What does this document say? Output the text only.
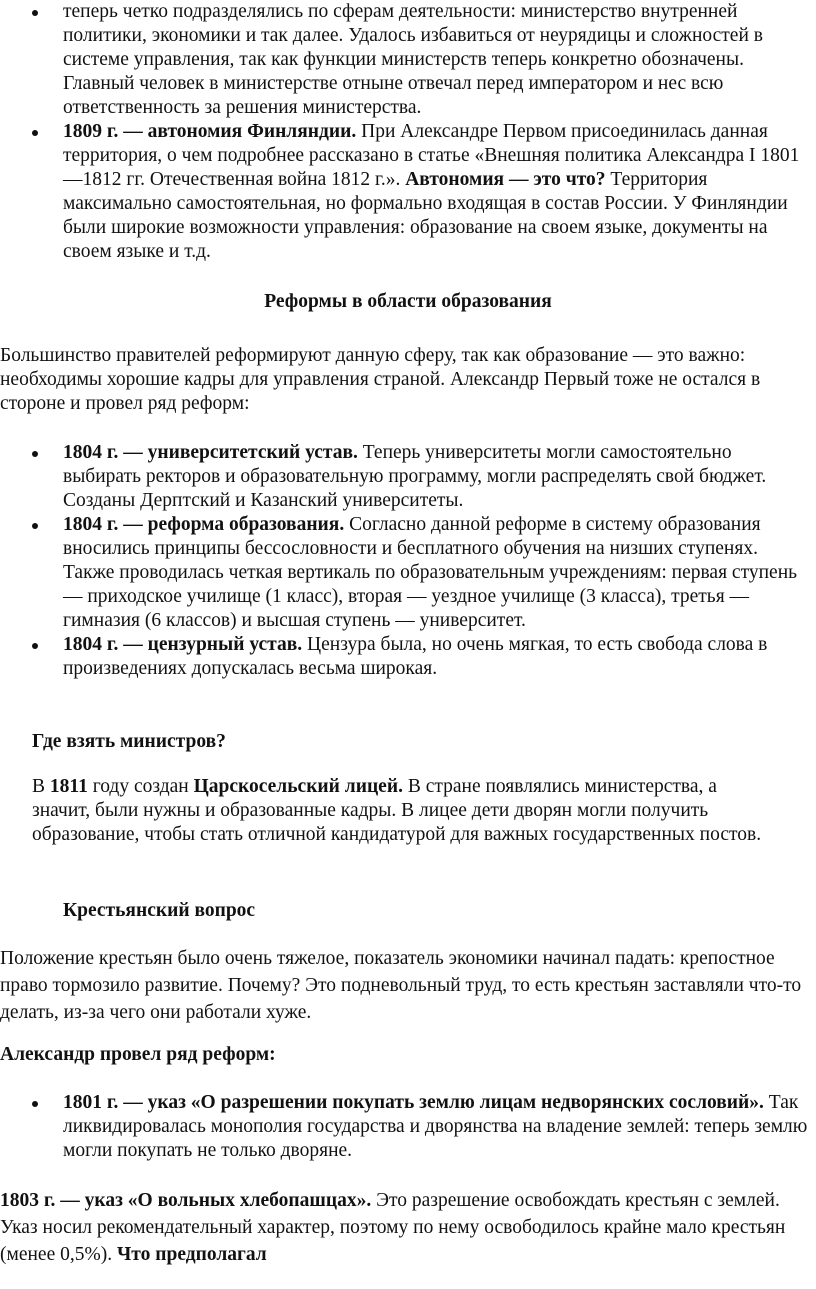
теперь четко подразделялись по сферам деятельности: министерство внутренней политики, экономики и так далее. Удалось избавиться от неурядицы и сложностей в системе управления, так как функции министерств теперь конкретно обозначены. Главный человек в министерстве отныне отвечал перед императором и нес всю ответственность за решения министерства.
1809 г. — автономия Финляндии. При Александре Первом присоединилась данная территория, о чем подробнее рассказано в статье «Внешняя политика Александра I 1801—1812 гг. Отечественная война 1812 г.». Автономия — это что? Территория максимально самостоятельная, но формально входящая в состав России. У Финляндии были широкие возможности управления: образование на своем языке, документы на своем языке и т.д.

Реформы в области образования

Большинство правителей реформируют данную сферу, так как образование — это важно: необходимы хорошие кадры для управления страной. Александр Первый тоже не остался в стороне и провел ряд реформ:

1804 г. — университетский устав. Теперь университеты могли самостоятельно выбирать ректоров и образовательную программу, могли распределять свой бюджет. Созданы Дерптский и Казанский университеты.
1804 г. — реформа образования. Согласно данной реформе в систему образования вносились принципы бессословности и бесплатного обучения на низших ступенях. Также проводилась четкая вертикаль по образовательным учреждениям: первая ступень — приходское училище (1 класс), вторая — уездное училище (3 класса), третья — гимназия (6 классов) и высшая ступень — университет.
1804 г. — цензурный устав. Цензура была, но очень мягкая, то есть свобода слова в произведениях допускалась весьма широкая.

Где взять министров?

В 1811 году создан Царскосельский лицей. В стране появлялись министерства, а значит, были нужны и образованные кадры. В лицее дети дворян могли получить образование, чтобы стать отличной кандидатурой для важных государственных постов.

Крестьянский вопрос

Положение крестьян было очень тяжелое, показатель экономики начинал падать: крепостное право тормозило развитие. Почему? Это подневольный труд, то есть крестьян заставляли что-то делать, из-за чего они работали хуже.

Александр провел ряд реформ:

1801 г. — указ «О разрешении покупать землю лицам недворянских сословий». Так ликвидировалась монополия государства и дворянства на владение землей: теперь землю могли покупать не только дворяне.

1803 г. — указ «О вольных хлебопашцах». Это разрешение освобождать крестьян с землей. Указ носил рекомендательный характер, поэтому по нему освободилось крайне мало крестьян (менее 0,5%). Что предполагал
